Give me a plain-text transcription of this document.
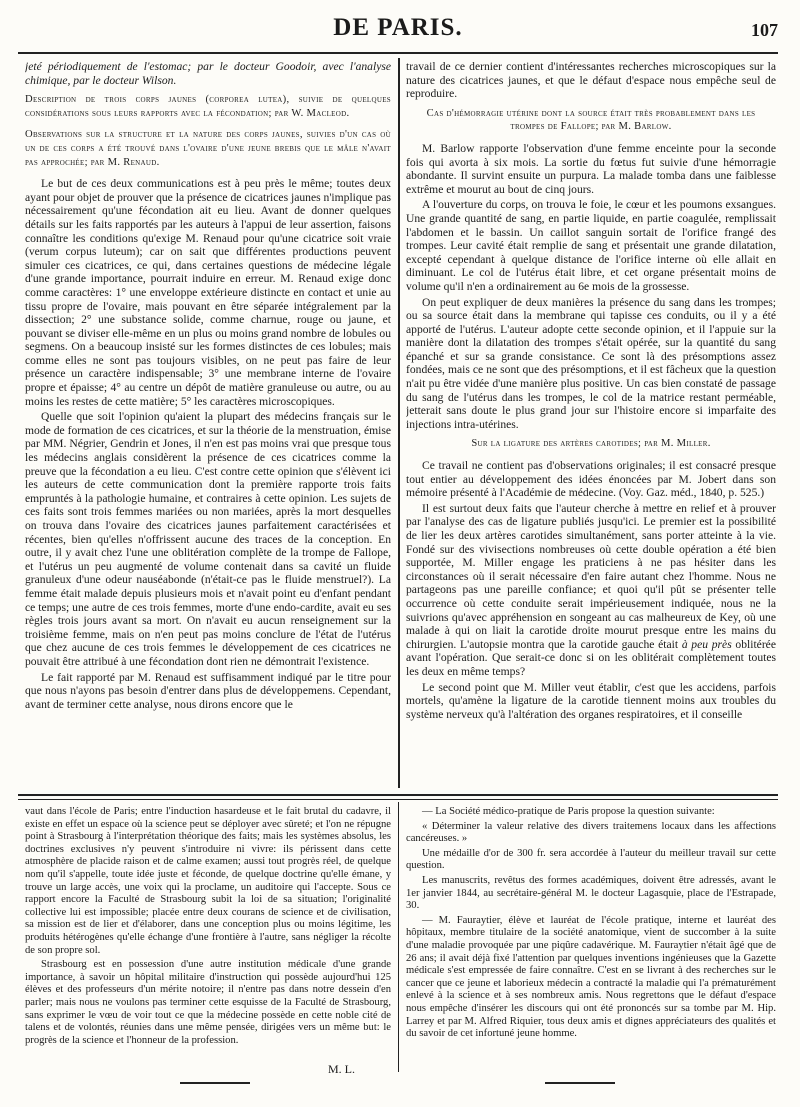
DE PARIS.	107

jeté périodiquement de l'estomac; par le docteur Goodoir, avec l'analyse chimique, par le docteur Wilson.

Description de trois corps jaunes (corporea lutea), suivie de quelques considérations sous leurs rapports avec la fécondation; par W. Macleod.

Observations sur la structure et la nature des corps jaunes, suivies d'un cas où un de ces corps a été trouvé dans l'ovaire d'une jeune brebis que le mâle n'avait pas approchée; par M. Renaud.

Le but de ces deux communications est à peu près le même; toutes deux ayant pour objet de prouver que la présence de cicatrices jaunes n'implique pas nécessairement qu'une fécondation ait eu lieu. Avant de donner quelques détails sur les faits rapportés par les auteurs à l'appui de leur assertion, faisons connaître les conditions qu'exige M. Renaud pour qu'une cicatrice soit vraie (verum corpus luteum); car on sait que différentes productions peuvent simuler ces cicatrices, ce qui, dans certaines questions de médecine légale d'une grande importance, pourrait induire en erreur. M. Renaud exige donc comme caractères: 1° une enveloppe extérieure distincte en contact et unie au tissu propre de l'ovaire, mais pouvant en être séparée intégralement par la dissection; 2° une substance solide, comme charnue, rouge ou jaune, et pouvant se diviser elle-même en un plus ou moins grand nombre de lobules ou segmens. On a beaucoup insisté sur les formes distinctes de ces lobules; mais comme elles ne sont pas toujours visibles, on ne peut pas faire de leur présence un caractère indispensable; 3° une membrane interne de l'ovaire propre et épaisse; 4° au centre un dépôt de matière granuleuse ou autre, ou au moins les restes de cette matière; 5° les caractères microscopiques.

Quelle que soit l'opinion qu'aient la plupart des médecins français sur le mode de formation de ces cicatrices, et sur la théorie de la menstruation, émise par MM. Négrier, Gendrin et Jones, il n'en est pas moins vrai que presque tous les médecins anglais considèrent la présence de ces cicatrices comme la preuve que la fécondation a eu lieu. C'est contre cette opinion que s'élèvent ici les auteurs de cette communication dont la première rapporte trois faits empruntés à la pathologie humaine, et contraires à cette opinion. Les sujets de ces faits sont trois femmes mariées ou non mariées, après la mort desquelles on trouva dans l'ovaire des cicatrices jaunes parfaitement caractérisées et récentes, bien qu'elles n'offrissent aucune des traces de la conception. En outre, il y avait chez l'une une oblitération complète de la trompe de Fallope, et l'utérus un peu augmenté de volume contenait dans sa cavité un fluide granuleux d'une odeur nauséabonde (n'était-ce pas le fluide menstruel?). La femme était malade depuis plusieurs mois et n'avait point eu d'enfant pendant ce temps; une autre de ces trois femmes, morte d'une endo-cardite, avait eu ses règles trois jours avant sa mort. On n'avait eu aucun renseignement sur la troisième femme, mais on n'en peut pas moins conclure de l'état de l'utérus que chez aucune de ces trois femmes le développement de ces cicatrices ne pouvait être attribué à une fécondation dont rien ne démontrait l'existence.

Le fait rapporté par M. Renaud est suffisamment indiqué par le titre pour que nous n'ayons pas besoin d'entrer dans plus de développemens. Cependant, avant de terminer cette analyse, nous dirons encore que le

travail de ce dernier contient d'intéressantes recherches microscopiques sur la nature des cicatrices jaunes, et que le défaut d'espace nous empêche seul de reproduire.

Cas d'hémorragie utérine dont la source était très probablement dans les trompes de Fallope; par M. Barlow.

M. Barlow rapporte l'observation d'une femme enceinte pour la seconde fois qui avorta à six mois. La sortie du fœtus fut suivie d'une hémorragie abondante. Il survint ensuite un purpura. La malade tomba dans une faiblesse extrême et mourut au bout de cinq jours.

A l'ouverture du corps, on trouva le foie, le cœur et les poumons exsangues. Une grande quantité de sang, en partie liquide, en partie coagulée, remplissait l'abdomen et le bassin. Un caillot sanguin sortait de l'orifice frangé des trompes. Leur cavité était remplie de sang et présentait une grande dilatation, excepté cependant à quelque distance de l'orifice interne où elle allait en diminuant. Le col de l'utérus était libre, et cet organe présentait moins de volume qu'il n'en a ordinairement au 6e mois de la grossesse.

On peut expliquer de deux manières la présence du sang dans les trompes; ou sa source était dans la membrane qui tapisse ces conduits, ou il y a été apporté de l'utérus. L'auteur adopte cette seconde opinion, et il l'appuie sur la manière dont la dilatation des trompes s'était opérée, sur la quantité du sang épanché et sur sa grande consistance. Ce sont là des présomptions assez fondées, mais ce ne sont que des présomptions, et il est fâcheux que la question n'ait pu être vidée d'une manière plus positive. Un cas bien constaté de passage du sang de l'utérus dans les trompes, le col de la matrice restant perméable, jetterait sans doute le plus grand jour sur l'histoire encore si imparfaite des injections intra-utérines.

Sur la ligature des artères carotides; par M. Miller.

Ce travail ne contient pas d'observations originales; il est consacré presque tout entier au développement des idées énoncées par M. Jobert dans son mémoire présenté à l'Académie de médecine. (Voy. Gaz. méd., 1840, p. 525.)

Il est surtout deux faits que l'auteur cherche à mettre en relief et à prouver par l'analyse des cas de ligature publiés jusqu'ici. Le premier est la possibilité de lier les deux artères carotides simultanément, sans porter atteinte à la vie. Fondé sur des vivisections nombreuses où cette double opération a été bien supportée, M. Miller engage les praticiens à ne pas hésiter dans les circonstances où il serait nécessaire d'en faire autant chez l'homme. Nous ne partageons pas une pareille confiance; et quoi qu'il pût se présenter telle occurrence où cette conduite serait impérieusement indiquée, nous ne la suivrions qu'avec appréhension en songeant au cas malheureux de Key, où une malade à qui on liait la carotide droite mourut presque entre les mains du chirurgien. L'autopsie montra que la carotide gauche était à peu près oblitérée avant l'opération. Que serait-ce donc si on les oblitérait complètement toutes les deux en même temps?

Le second point que M. Miller veut établir, c'est que les accidens, parfois mortels, qu'amène la ligature de la carotide tiennent moins aux troubles du système nerveux qu'à l'altération des organes respiratoires, et il conseille

vaut dans l'école de Paris; entre l'induction hasardeuse et le fait brutal du cadavre, il existe en effet un espace où la science peut se déployer avec sûreté; et l'on ne répugne point à Strasbourg à l'interprétation théorique des faits; mais les systèmes absolus, les doctrines exclusives n'y peuvent s'introduire ni vivre: ils périssent dans cette atmosphère de placide raison et de calme examen; aussi tout progrès réel, de quelque nom qu'il s'appelle, toute idée juste et féconde, de quelque doctrine qu'elle émane, y trouve un large accès, une voix qui la proclame, un auditoire qui l'accepte. Sous ce rapport encore la Faculté de Strasbourg subit la loi de sa situation; l'originalité collective lui est impossible; placée entre deux courans de science et de civilisation, sa mission est de lier et d'élaborer, dans une conception plus ou moins légitime, les produits hétérogènes qu'elle échange d'une frontière à l'autre, sans négliger la récolte de son propre sol.

Strasbourg est en possession d'une autre institution médicale d'une grande importance, à savoir un hôpital militaire d'instruction qui possède aujourd'hui 125 élèves et des professeurs d'un mérite notoire; il n'entre pas dans notre dessein d'en parler; mais nous ne voulons pas terminer cette esquisse de la Faculté de Strasbourg, sans exprimer le vœu de voir tout ce que la médecine possède en cette noble cité de talens et de volontés, réunies dans une même pensée, dirigées vers un même but: le progrès de la science et l'honneur de la profession.

M. L.

— La Société médico-pratique de Paris propose la question suivante:

« Déterminer la valeur relative des divers traitemens locaux dans les affections cancéreuses. »

Une médaille d'or de 300 fr. sera accordée à l'auteur du meilleur travail sur cette question.

Les manuscrits, revêtus des formes académiques, doivent être adressés, avant le 1er janvier 1844, au secrétaire-général M. le docteur Lagasquie, place de l'Estrapade, 30.

— M. Fauraytier, élève et lauréat de l'école pratique, interne et lauréat des hôpitaux, membre titulaire de la société anatomique, vient de succomber à la suite d'une maladie provoquée par une piqûre cadavérique. M. Fauraytier n'était âgé que de 26 ans; il avait déjà fixé l'attention par quelques inventions ingénieuses que la Gazette médicale s'est empressée de faire connaître. C'est en se livrant à des recherches sur le cancer que ce jeune et laborieux médecin a contracté la maladie qui l'a prématurément enlevé à la science et à ses nombreux amis. Nous regrettons que le défaut d'espace nous empêche d'insérer les discours qui ont été prononcés sur sa tombe par M. Hip. Larrey et par M. Alfred Riquier, tous deux amis et dignes appréciateurs des qualités et du savoir de cet infortuné jeune homme.
